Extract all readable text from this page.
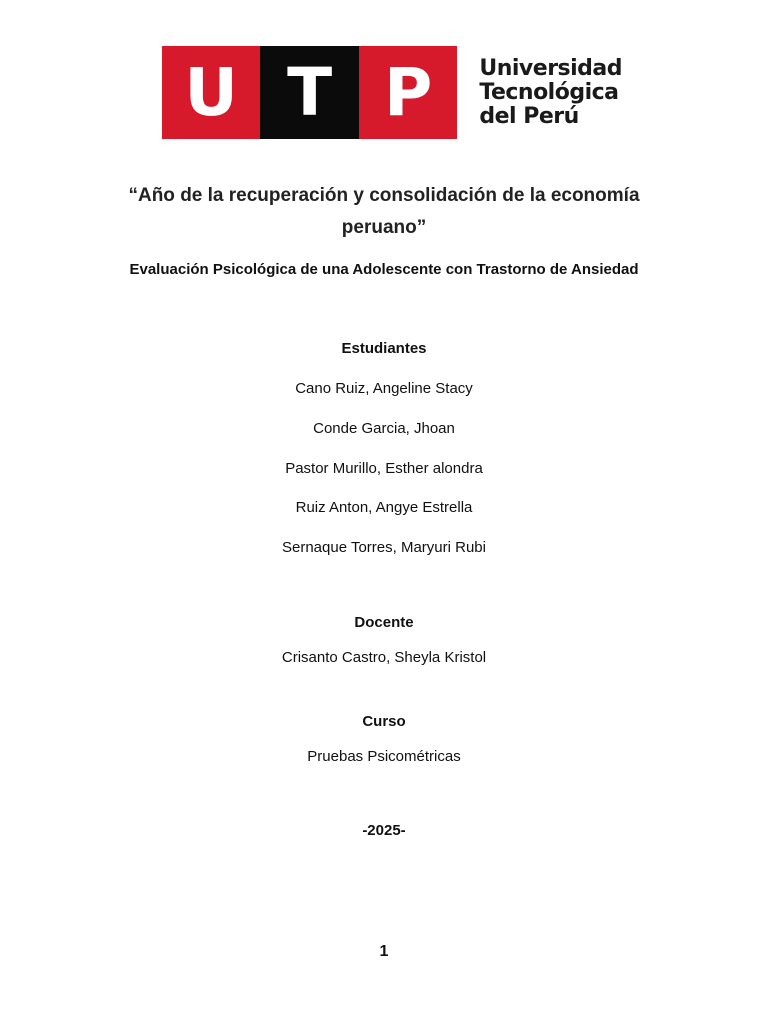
U T P	Universidad
Tecnológica
del Perú
“Año de la recuperación y consolidación de la economía peruano”
Evaluación Psicológica de una Adolescente con Trastorno de Ansiedad
Estudiantes
Cano Ruiz, Angeline Stacy
Conde Garcia, Jhoan
Pastor Murillo, Esther alondra
Ruiz Anton, Angye Estrella
Sernaque Torres, Maryuri Rubi
Docente
Crisanto Castro, Sheyla Kristol
Curso
Pruebas Psicométricas
-2025-
1
